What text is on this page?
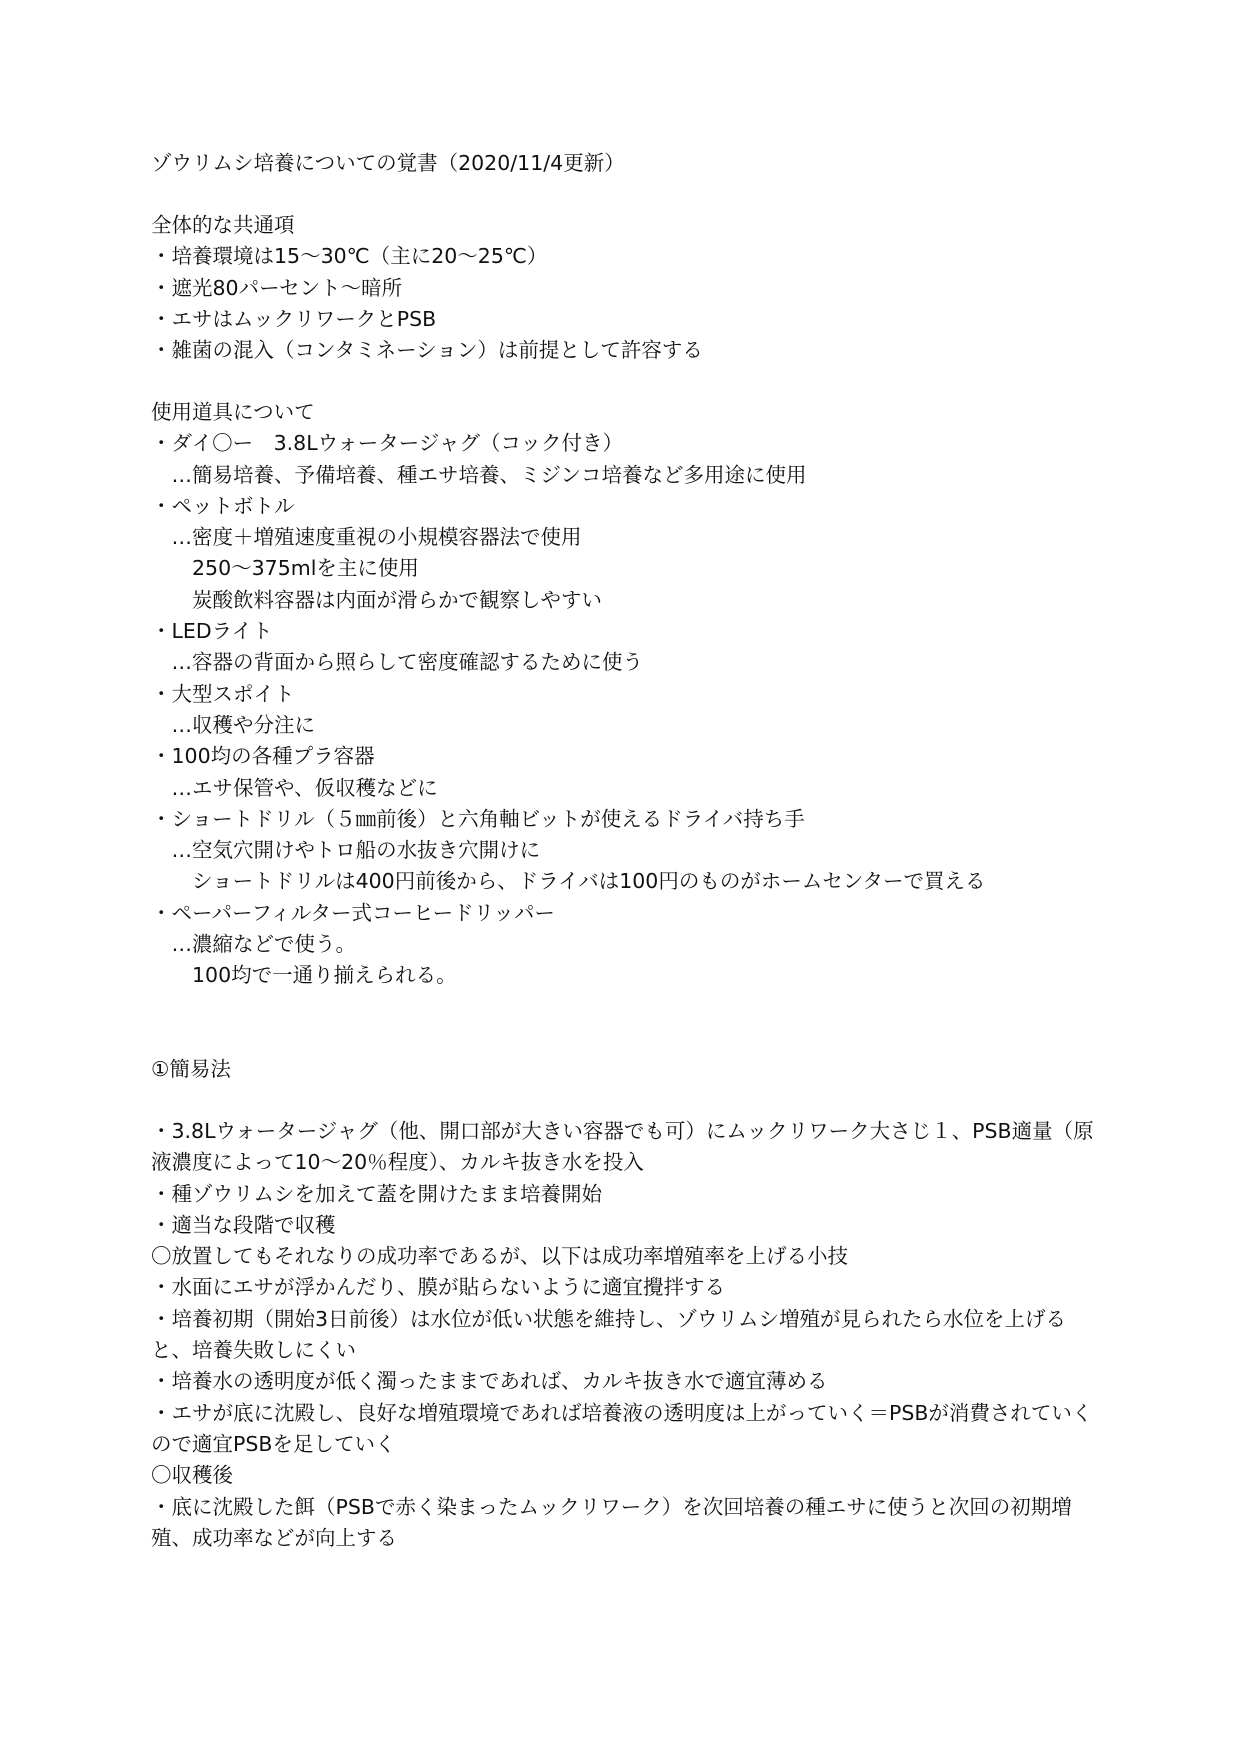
ゾウリムシ培養についての覚書（2020/11/4更新）
全体的な共通項
・培養環境は15～30℃（主に20～25℃）
・遮光80パーセント～暗所
・エサはムックリワークとPSB
・雑菌の混入（コンタミネーション）は前提として許容する
使用道具について
・ダイ〇ー　3.8Lウォータージャグ（コック付き）
　…簡易培養、予備培養、種エサ培養、ミジンコ培養など多用途に使用
・ペットボトル
　…密度＋増殖速度重視の小規模容器法で使用
　　250～375mlを主に使用
　　炭酸飲料容器は内面が滑らかで観察しやすい
・LEDライト
　…容器の背面から照らして密度確認するために使う
・大型スポイト
　…収穫や分注に
・100均の各種プラ容器
　…エサ保管や、仮収穫などに
・ショートドリル（５㎜前後）と六角軸ビットが使えるドライバ持ち手
　…空気穴開けやトロ船の水抜き穴開けに
　　ショートドリルは400円前後から、ドライバは100円のものがホームセンターで買える
・ペーパーフィルター式コーヒードリッパー
　…濃縮などで使う。
　　100均で一通り揃えられる。
①簡易法
・3.8Lウォータージャグ（他、開口部が大きい容器でも可）にムックリワーク大さじ１、PSB適量（原液濃度によって10～20％程度）、カルキ抜き水を投入
・種ゾウリムシを加えて蓋を開けたまま培養開始
・適当な段階で収穫
〇放置してもそれなりの成功率であるが、以下は成功率増殖率を上げる小技
・水面にエサが浮かんだり、膜が貼らないように適宜攪拌する
・培養初期（開始3日前後）は水位が低い状態を維持し、ゾウリムシ増殖が見られたら水位を上げると、培養失敗しにくい
・培養水の透明度が低く濁ったままであれば、カルキ抜き水で適宜薄める
・エサが底に沈殿し、良好な増殖環境であれば培養液の透明度は上がっていく＝PSBが消費されていくので適宜PSBを足していく
〇収穫後
・底に沈殿した餌（PSBで赤く染まったムックリワーク）を次回培養の種エサに使うと次回の初期増殖、成功率などが向上する
